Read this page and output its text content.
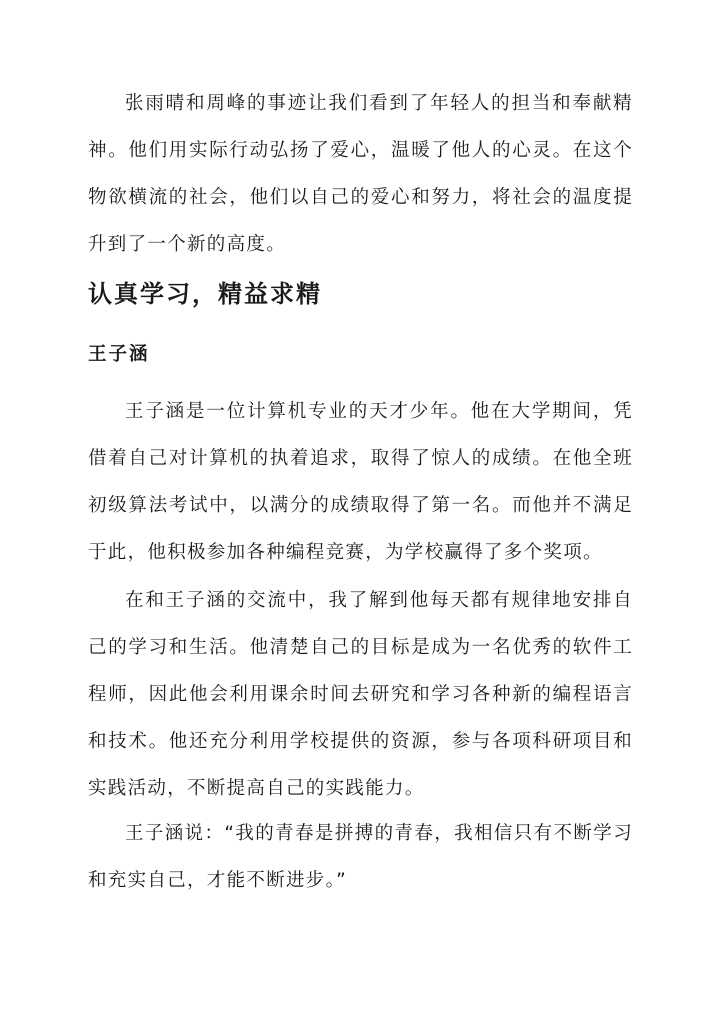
张雨晴和周峰的事迹让我们看到了年轻人的担当和奉献精神。他们用实际行动弘扬了爱心，温暖了他人的心灵。在这个物欲横流的社会，他们以自己的爱心和努力，将社会的温度提升到了一个新的高度。

认真学习，精益求精
王子涵

王子涵是一位计算机专业的天才少年。他在大学期间，凭借着自己对计算机的执着追求，取得了惊人的成绩。在他全班初级算法考试中，以满分的成绩取得了第一名。而他并不满足于此，他积极参加各种编程竞赛，为学校赢得了多个奖项。

在和王子涵的交流中，我了解到他每天都有规律地安排自己的学习和生活。他清楚自己的目标是成为一名优秀的软件工程师，因此他会利用课余时间去研究和学习各种新的编程语言和技术。他还充分利用学校提供的资源，参与各项科研项目和实践活动，不断提高自己的实践能力。

王子涵说：“我的青春是拼搏的青春，我相信只有不断学习和充实自己，才能不断进步。”
